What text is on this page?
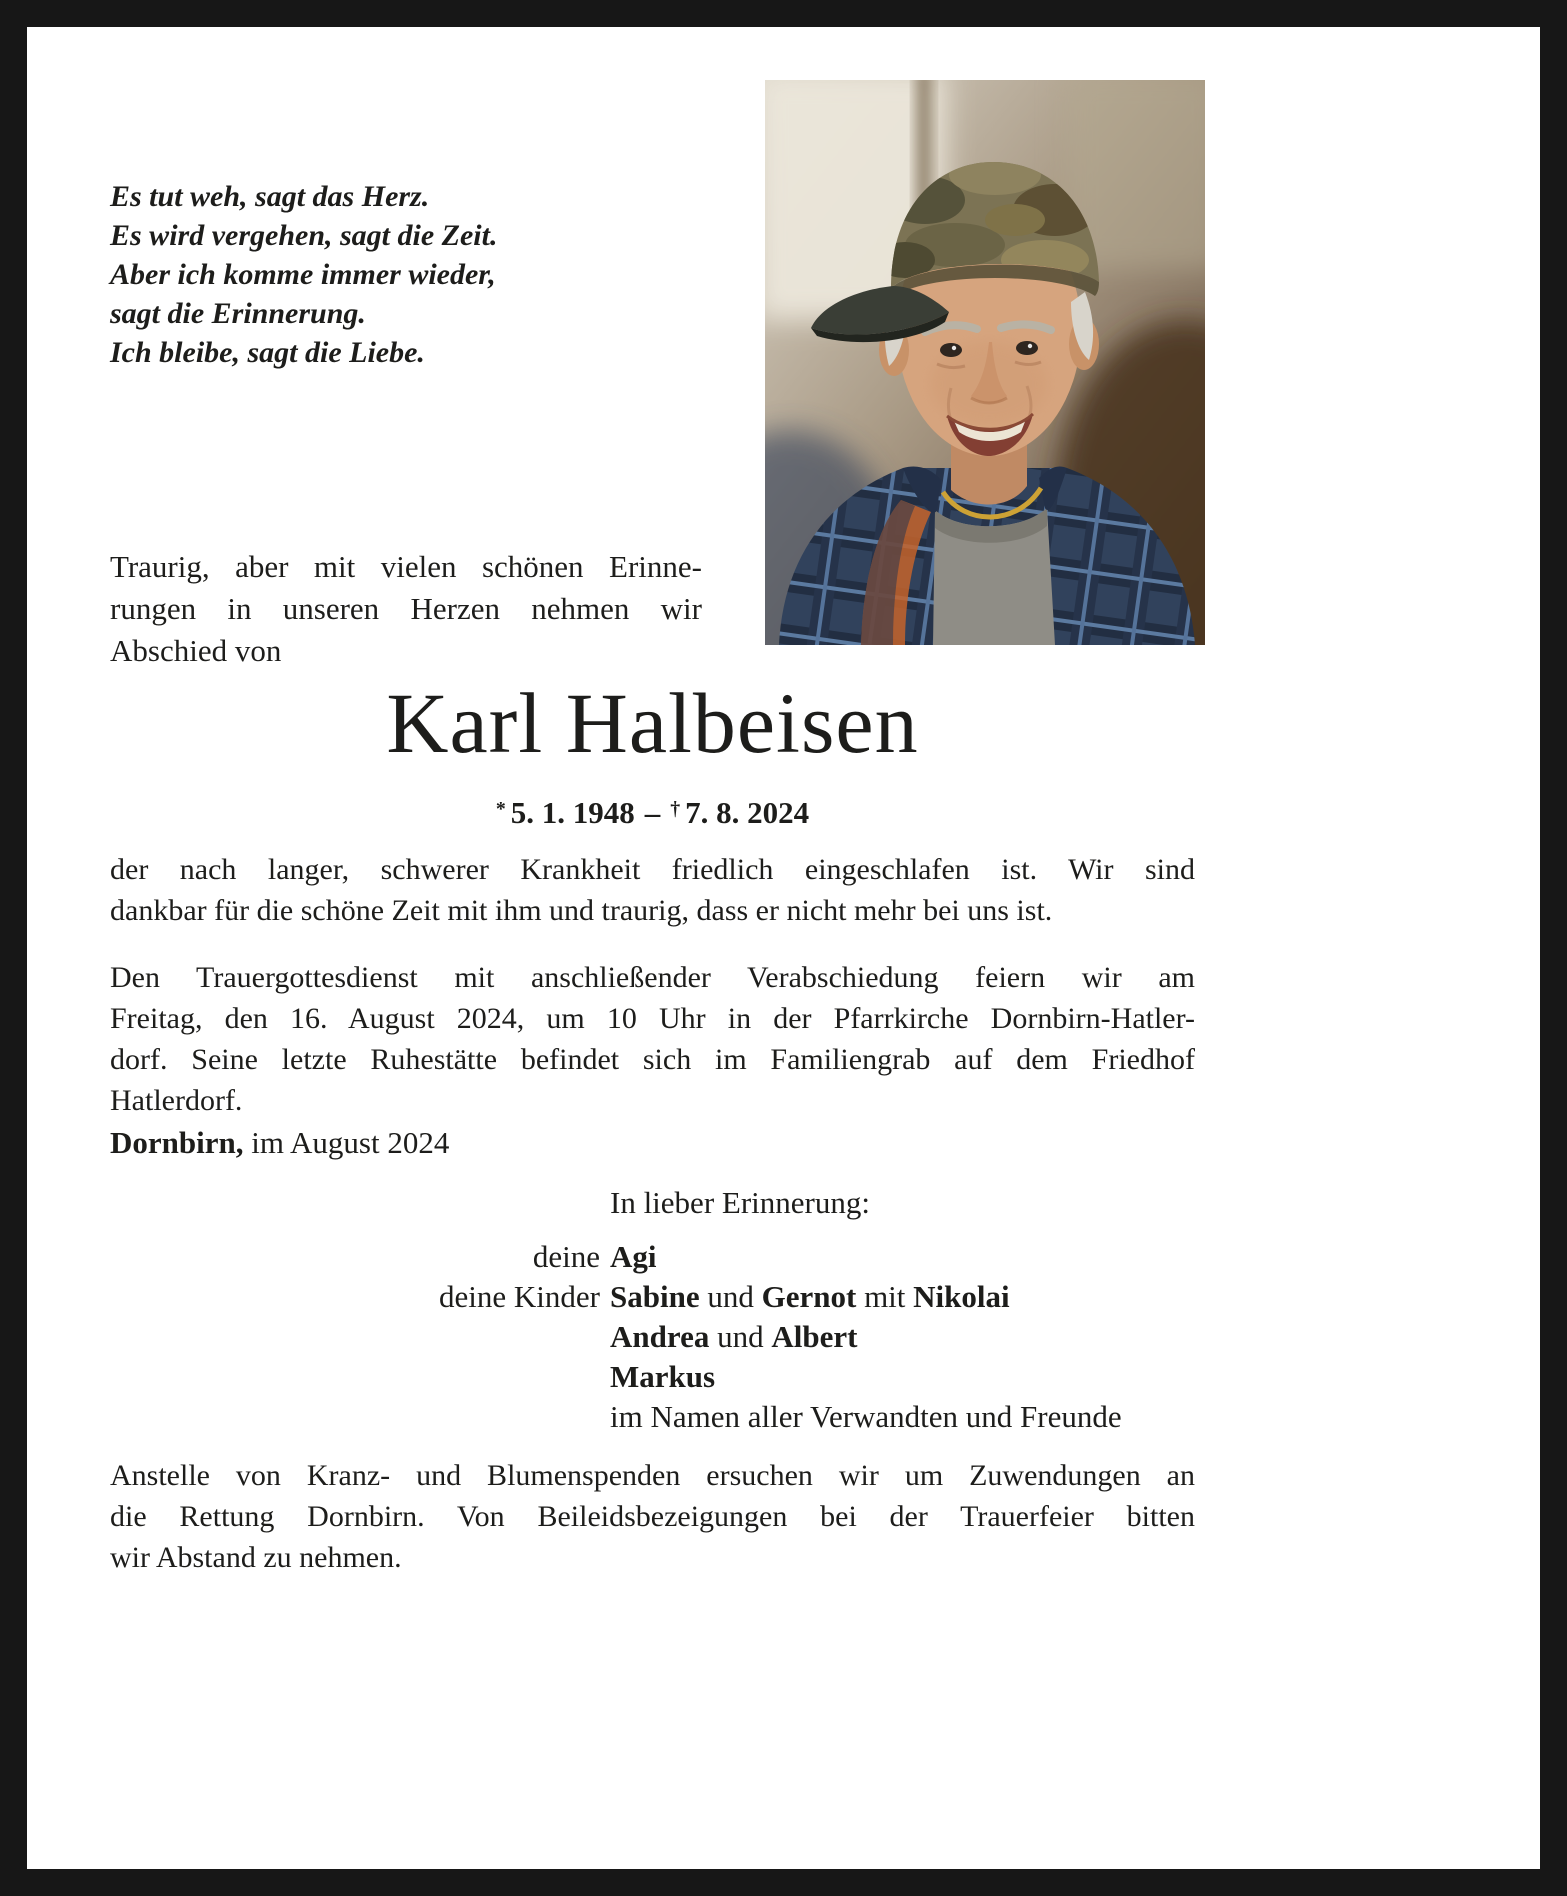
Es tut weh, sagt das Herz.
Es wird vergehen, sagt die Zeit.
Aber ich komme immer wieder,
sagt die Erinnerung.
Ich bleibe, sagt die Liebe.
Traurig, aber mit vielen schönen Erinne-
rungen in unseren Herzen nehmen wir
Abschied von
Karl Halbeisen
* 5. 1. 1948 – † 7. 8. 2024

der nach langer, schwerer Krankheit friedlich eingeschlafen ist. Wir sind
dankbar für die schöne Zeit mit ihm und traurig, dass er nicht mehr bei uns ist.

Den Trauergottesdienst mit anschließender Verabschiedung feiern wir am
Freitag, den 16. August 2024, um 10 Uhr in der Pfarrkirche Dornbirn-Hatler-
dorf. Seine letzte Ruhestätte befindet sich im Familiengrab auf dem Friedhof
Hatlerdorf.

Dornbirn, im August 2024

In lieber Erinnerung:
deine Agi
deine Kinder Sabine und Gernot mit Nikolai
Andrea und Albert
Markus
im Namen aller Verwandten und Freunde

Anstelle von Kranz- und Blumenspenden ersuchen wir um Zuwendungen an
die Rettung Dornbirn. Von Beileidsbezeigungen bei der Trauerfeier bitten
wir Abstand zu nehmen.
